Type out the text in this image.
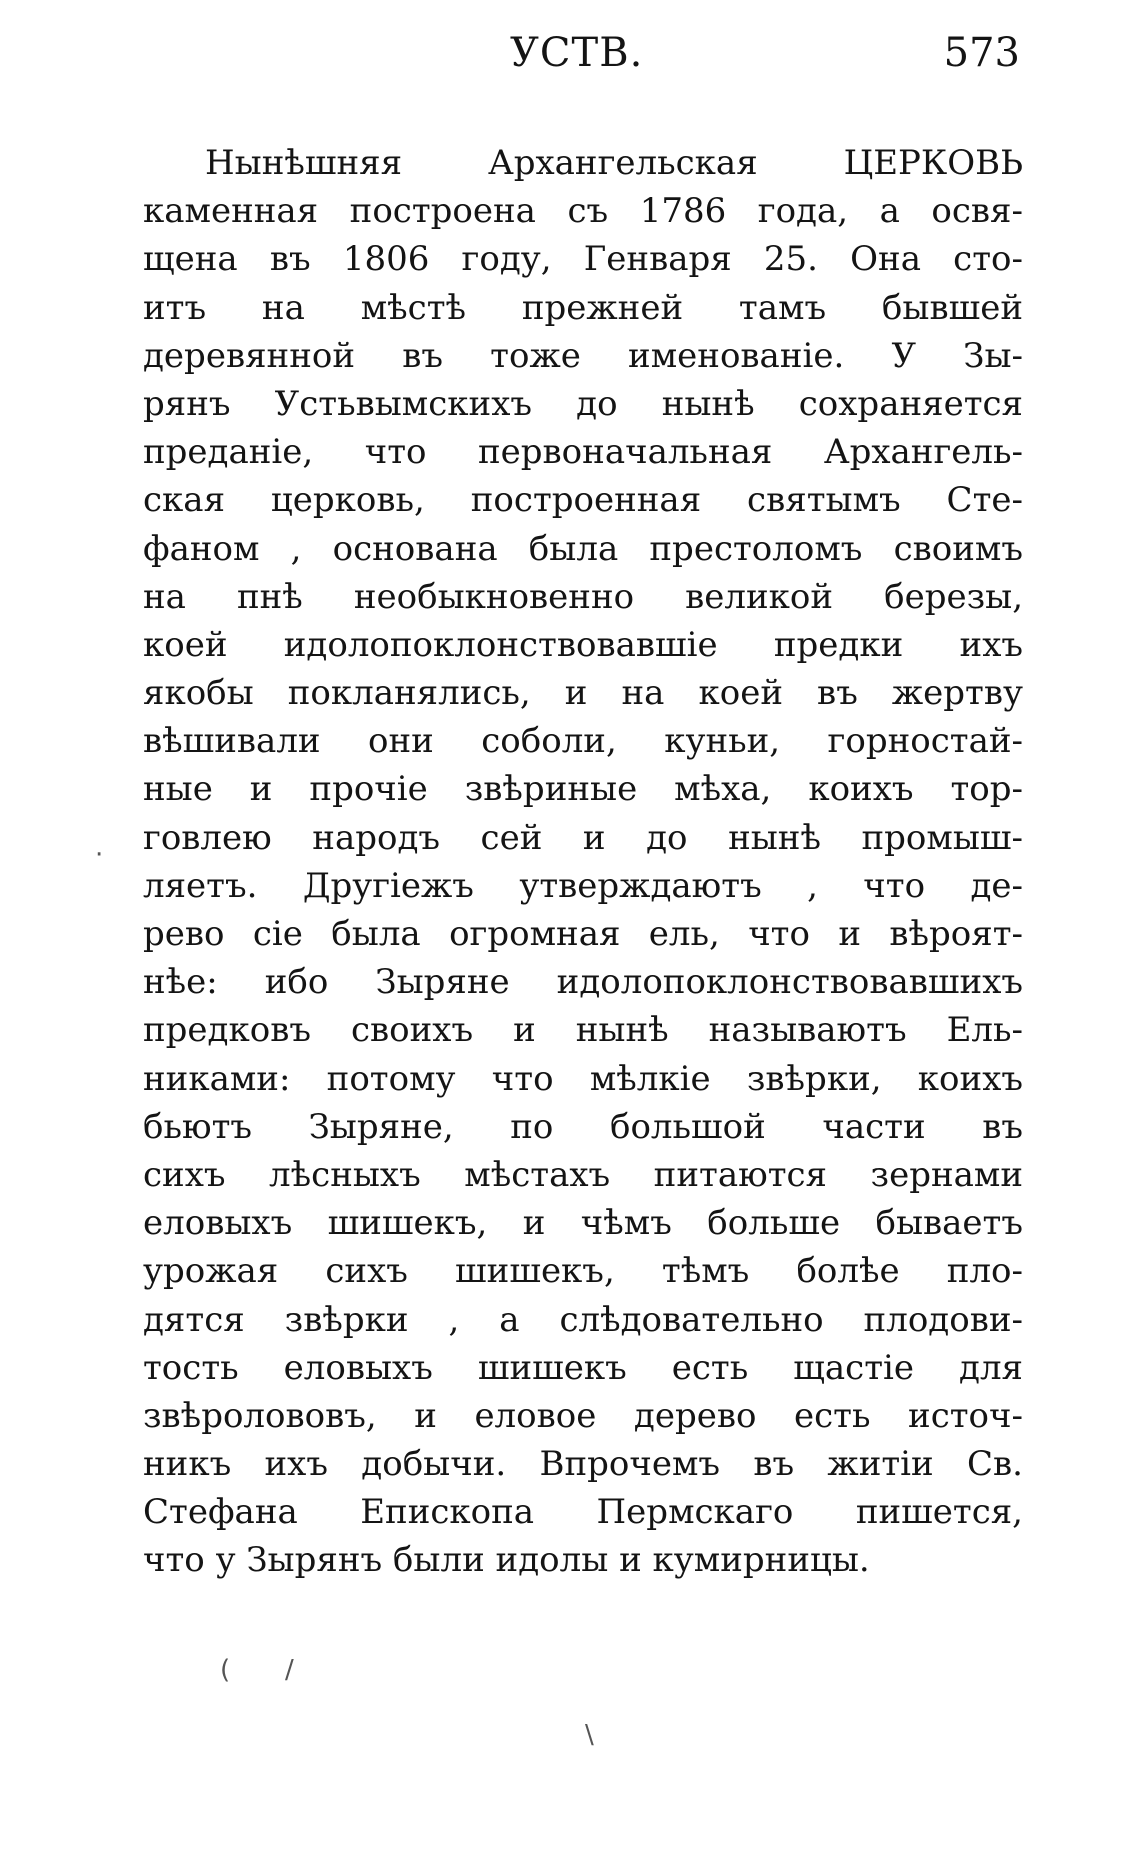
УСТВ.	573
Нынѣшняя Архангельская ЦЕРКОВЬ
каменная построена съ 1786 года, а освя-
щена въ 1806 году, Генваря 25. Она сто-
итъ на мѣстѣ прежней тамъ бывшей
деревянной въ тоже именованіе. У Зы-
рянъ Устьвымскихъ до нынѣ сохраняется
преданіе, что первоначальная Архангель-
ская церковь, построенная святымъ Сте-
фаном , основана была престоломъ своимъ
на пнѣ необыкновенно великой березы,
коей идолопоклонствовавшіе предки ихъ
якобы покланялись, и на коей въ жертву
вѣшивали они соболи, куньи, горностай-
ные и прочіе звѣриные мѣха, коихъ тор-
говлею народъ сей и до нынѣ промыш-
ляетъ. Другіежъ утверждаютъ , что де-
рево сіе была огромная ель, что и вѣроят-
нѣе: ибо Зыряне идолопоклонствовавшихъ
предковъ своихъ и нынѣ называютъ Ель-
никами: потому что мѣлкіе звѣрки, коихъ
бьютъ Зыряне, по большой части въ
сихъ лѣсныхъ мѣстахъ питаются зернами
еловыхъ шишекъ, и чѣмъ больше бываетъ
урожая сихъ шишекъ, тѣмъ болѣе пло-
дятся звѣрки , а слѣдовательно плодови-
тость еловыхъ шишекъ есть щастіе для
звѣролововъ, и еловое дерево есть источ-
никъ ихъ добычи. Впрочемъ въ житіи Св.
Стефана Епископа Пермскаго пишется,
что у Зырянъ были идолы и кумирницы.
( /
\
·
